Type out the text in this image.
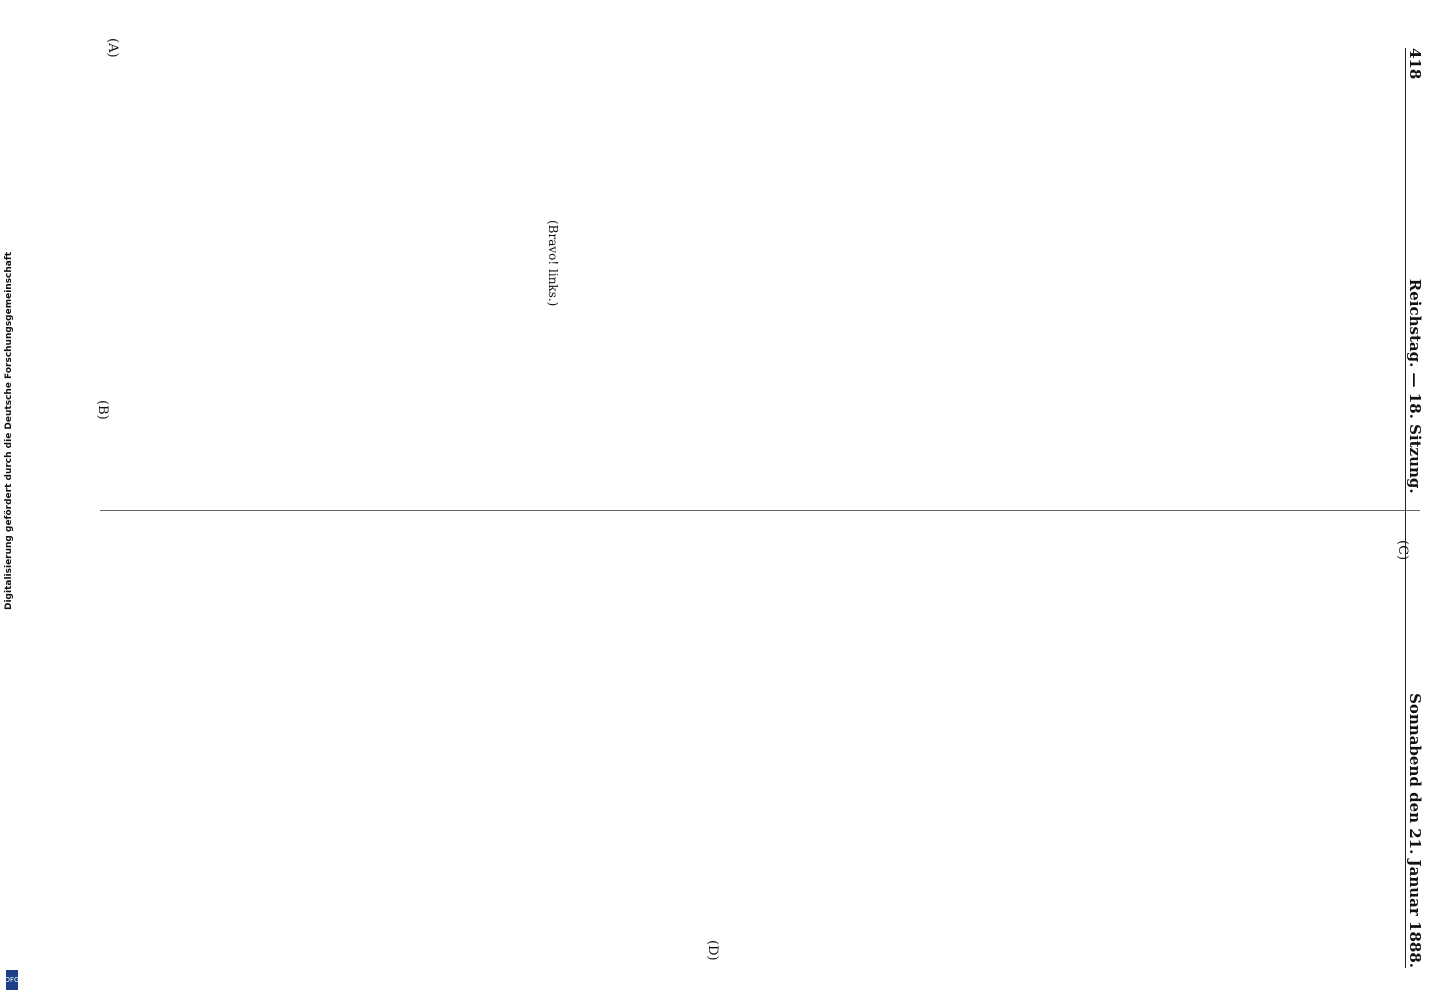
418
Reichstag. — 18. Sitzung.
Sonnabend den 21. Januar 1888.
(A)
(B)
(C)
(D)
(Bravo! links.)
Digitalisierung gefördert durch die Deutsche Forschungsgemeinschaft
DFG
